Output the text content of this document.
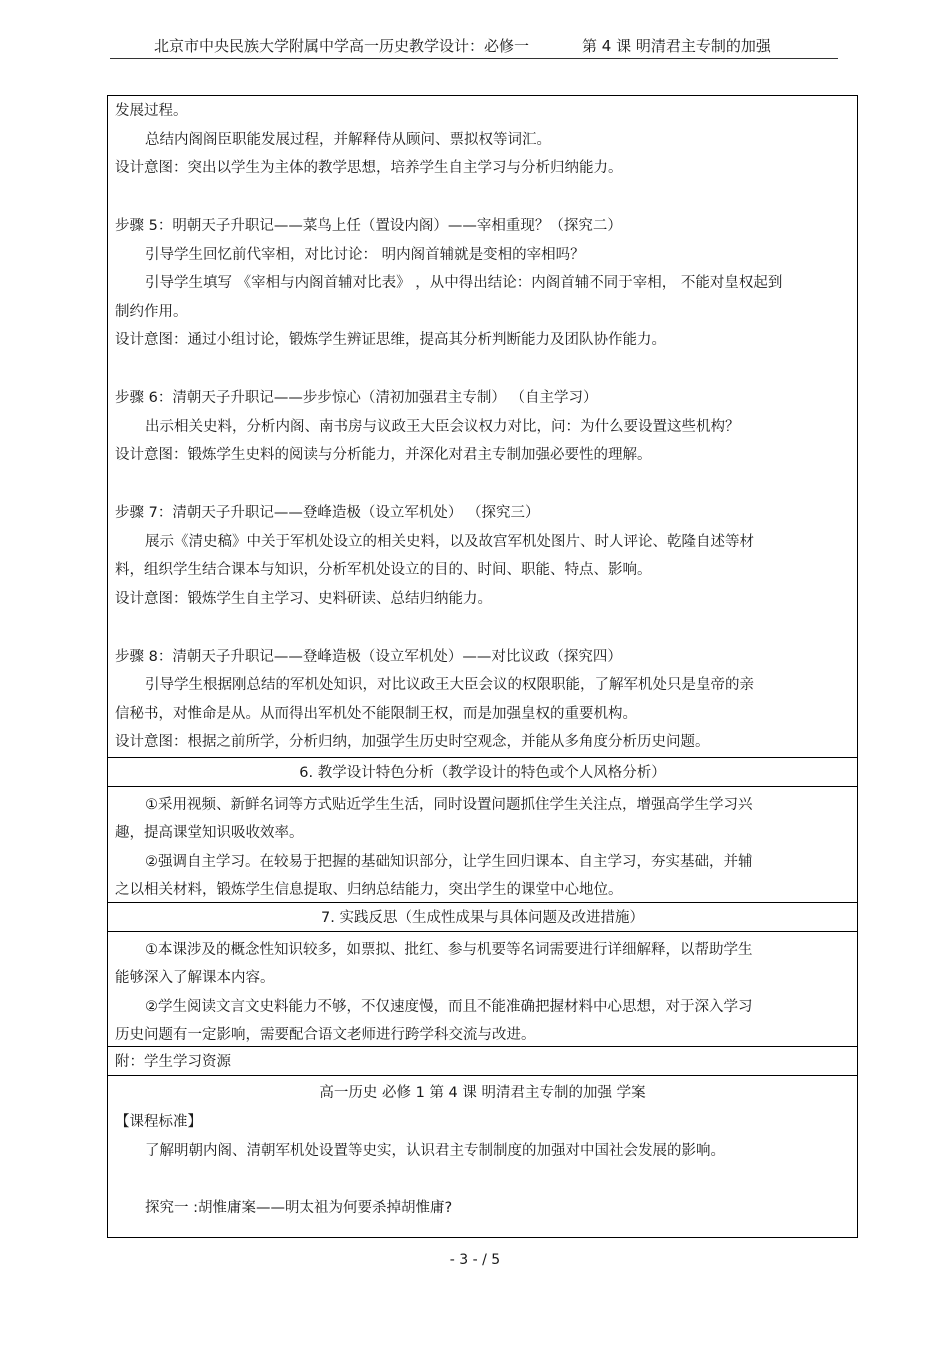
北京市中央民族大学附属中学高一历史教学设计：必修一	第 4 课 明清君主专制的加强
发展过程。
总结内阁阁臣职能发展过程，并解释侍从顾问、票拟权等词汇。
设计意图：突出以学生为主体的教学思想，培养学生自主学习与分析归纳能力。
步骤 5：明朝天子升职记——菜鸟上任（置设内阁）——宰相重现？（探究二）
引导学生回忆前代宰相，对比讨论： 明内阁首辅就是变相的宰相吗？
引导学生填写 《宰相与内阁首辅对比表》 ，从中得出结论：内阁首辅不同于宰相， 不能对皇权起到
制约作用。
设计意图：通过小组讨论，锻炼学生辨证思维，提高其分析判断能力及团队协作能力。
步骤 6：清朝天子升职记——步步惊心（清初加强君主专制） （自主学习）
出示相关史料，分析内阁、南书房与议政王大臣会议权力对比，问：为什么要设置这些机构？
设计意图：锻炼学生史料的阅读与分析能力，并深化对君主专制加强必要性的理解。
步骤 7：清朝天子升职记——登峰造极（设立军机处） （探究三）
展示《清史稿》中关于军机处设立的相关史料，以及故宫军机处图片、时人评论、乾隆自述等材
料，组织学生结合课本与知识，分析军机处设立的目的、时间、职能、特点、影响。
设计意图：锻炼学生自主学习、史料研读、总结归纳能力。
步骤 8：清朝天子升职记——登峰造极（设立军机处）——对比议政（探究四）
引导学生根据刚总结的军机处知识，对比议政王大臣会议的权限职能，了解军机处只是皇帝的亲
信秘书，对惟命是从。从而得出军机处不能限制王权，而是加强皇权的重要机构。
设计意图：根据之前所学，分析归纳，加强学生历史时空观念，并能从多角度分析历史问题。
6. 教学设计特色分析（教学设计的特色或个人风格分析）
①采用视频、新鲜名词等方式贴近学生生活，同时设置问题抓住学生关注点，增强高学生学习兴
趣，提高课堂知识吸收效率。
②强调自主学习。在较易于把握的基础知识部分，让学生回归课本、自主学习，夯实基础，并辅
之以相关材料，锻炼学生信息提取、归纳总结能力，突出学生的课堂中心地位。
7. 实践反思（生成性成果与具体问题及改进措施）
①本课涉及的概念性知识较多，如票拟、批红、参与机要等名词需要进行详细解释，以帮助学生
能够深入了解课本内容。
②学生阅读文言文史料能力不够，不仅速度慢，而且不能准确把握材料中心思想，对于深入学习
历史问题有一定影响，需要配合语文老师进行跨学科交流与改进。
附：学生学习资源
高一历史 必修 1 第 4 课 明清君主专制的加强 学案
【课程标准】
了解明朝内阁、清朝军机处设置等史实，认识君主专制制度的加强对中国社会发展的影响。
探究一 :胡惟庸案——明太祖为何要杀掉胡惟庸?
- 3 - / 5
